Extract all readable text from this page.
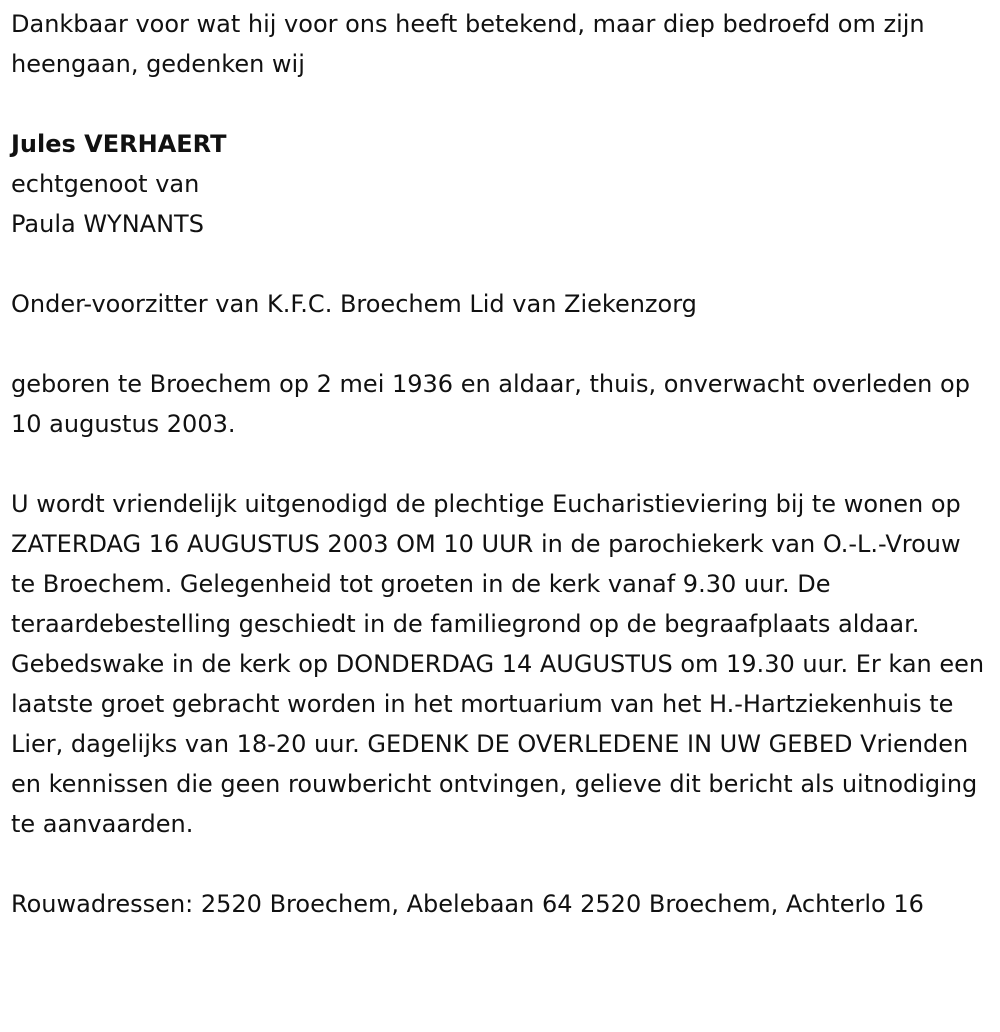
Dankbaar voor wat hij voor ons heeft betekend, maar diep bedroefd om zijn heengaan, gedenken wij

Jules VERHAERT

echtgenoot van

Paula WYNANTS

Onder-voorzitter van K.F.C. Broechem Lid van Ziekenzorg

geboren te Broechem op 2 mei 1936 en aldaar, thuis, onverwacht overleden op 10 augustus 2003.

U wordt vriendelijk uitgenodigd de plechtige Eucharistieviering bij te wonen op ZATERDAG 16 AUGUSTUS 2003 OM 10 UUR in de parochiekerk van O.-L.-Vrouw te Broechem. Gelegenheid tot groeten in de kerk vanaf 9.30 uur. De teraardebestelling geschiedt in de familiegrond op de begraafplaats aldaar. Gebedswake in de kerk op DONDERDAG 14 AUGUSTUS om 19.30 uur. Er kan een laatste groet gebracht worden in het mortuarium van het H.-Hartziekenhuis te Lier, dagelijks van 18-20 uur. GEDENK DE OVERLEDENE IN UW GEBED Vrienden en kennissen die geen rouwbericht ontvingen, gelieve dit bericht als uitnodiging te aanvaarden.

Rouwadressen: 2520 Broechem, Abelebaan 64 2520 Broechem, Achterlo 16
